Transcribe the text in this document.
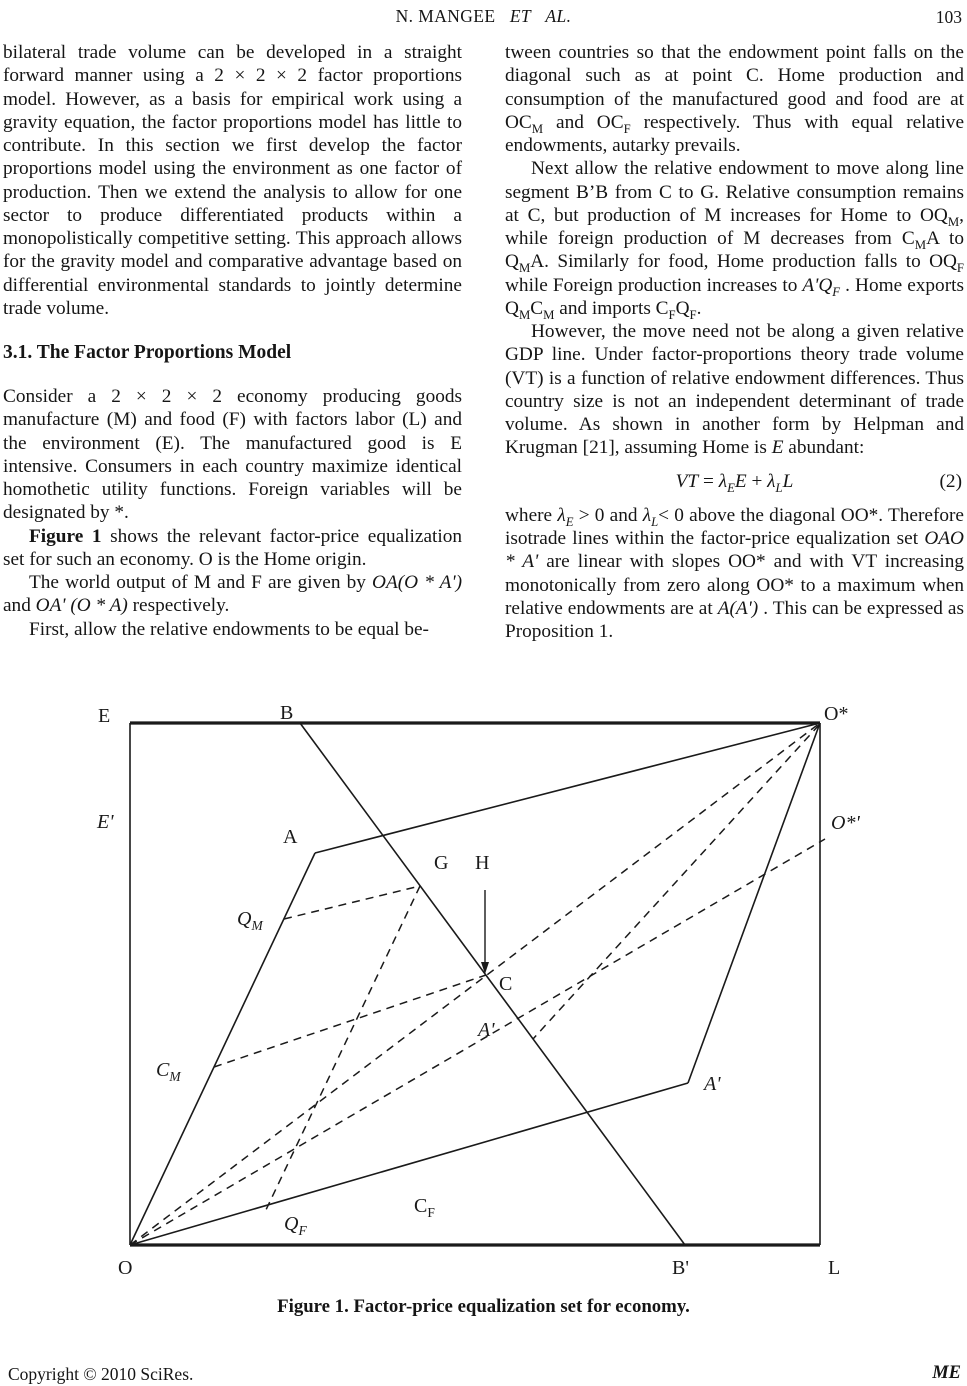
N. MANGEE   ET   AL.	103

bilateral trade volume can be developed in a straight forward manner using a 2 × 2 × 2 factor proportions model. However, as a basis for empirical work using a gravity equation, the factor proportions model has little to contribute. In this section we first develop the factor proportions model using the environment as one factor of production. Then we extend the analysis to allow for one sector to produce differentiated products within a monopolistically competitive setting. This approach allows for the gravity model and comparative advantage based on differential environmental standards to jointly determine trade volume.

3.1. The Factor Proportions Model

Consider a 2 × 2 × 2 economy producing goods manufacture (M) and food (F) with factors labor (L) and the environment (E). The manufactured good is E intensive. Consumers in each country maximize identical homothetic utility functions. Foreign variables will be designated by *.

Figure 1 shows the relevant factor-price equalization set for such an economy. O is the Home origin.

The world output of M and F are given by OA(O * A') and OA' (O * A) respectively.

First, allow the relative endowments to be equal be-

tween countries so that the endowment point falls on the diagonal such as at point C. Home production and consumption of the manufactured good and food are at $OC_M$ and $OC_F$ respectively. Thus with equal relative endowments, autarky prevails.

Next allow the relative endowment to move along line segment B’B from C to G. Relative consumption remains at C, but production of M increases for Home to $OQ_M$, while foreign production of M decreases from $C_MA$ to $Q_MA$. Similarly for food, Home production falls to $OQ_F$ while Foreign production increases to $A'Q_F$ . Home exports $Q_MC_M$ and imports $C_FQ_F$.

However, the move need not be along a given relative GDP line. Under factor-proportions theory trade volume (VT) is a function of relative endowment differences. Thus country size is not an independent determinant of trade volume. As shown in another form by Helpman and Krugman [21], assuming Home is E abundant:

VT = $\lambda_EE + \lambda_LL$	(2)

where $\lambda_E > 0$ and $\lambda_L< 0$ above the diagonal OO*. Therefore isotrade lines within the factor-price equalization set OAO * A' are linear with slopes OO* and with VT increasing monotonically from zero along OO* to a maximum when relative endowments are at A(A') . This can be expressed as Proposition 1.

E	B	O*
E'	O*'
A
G H
C
A'
$Q_M$
$C_M$	A'
$C_F$
$Q_F$
O	B'	L
Figure 1. Factor-price equalization set for economy.
Copyright © 2010 SciRes.	ME
